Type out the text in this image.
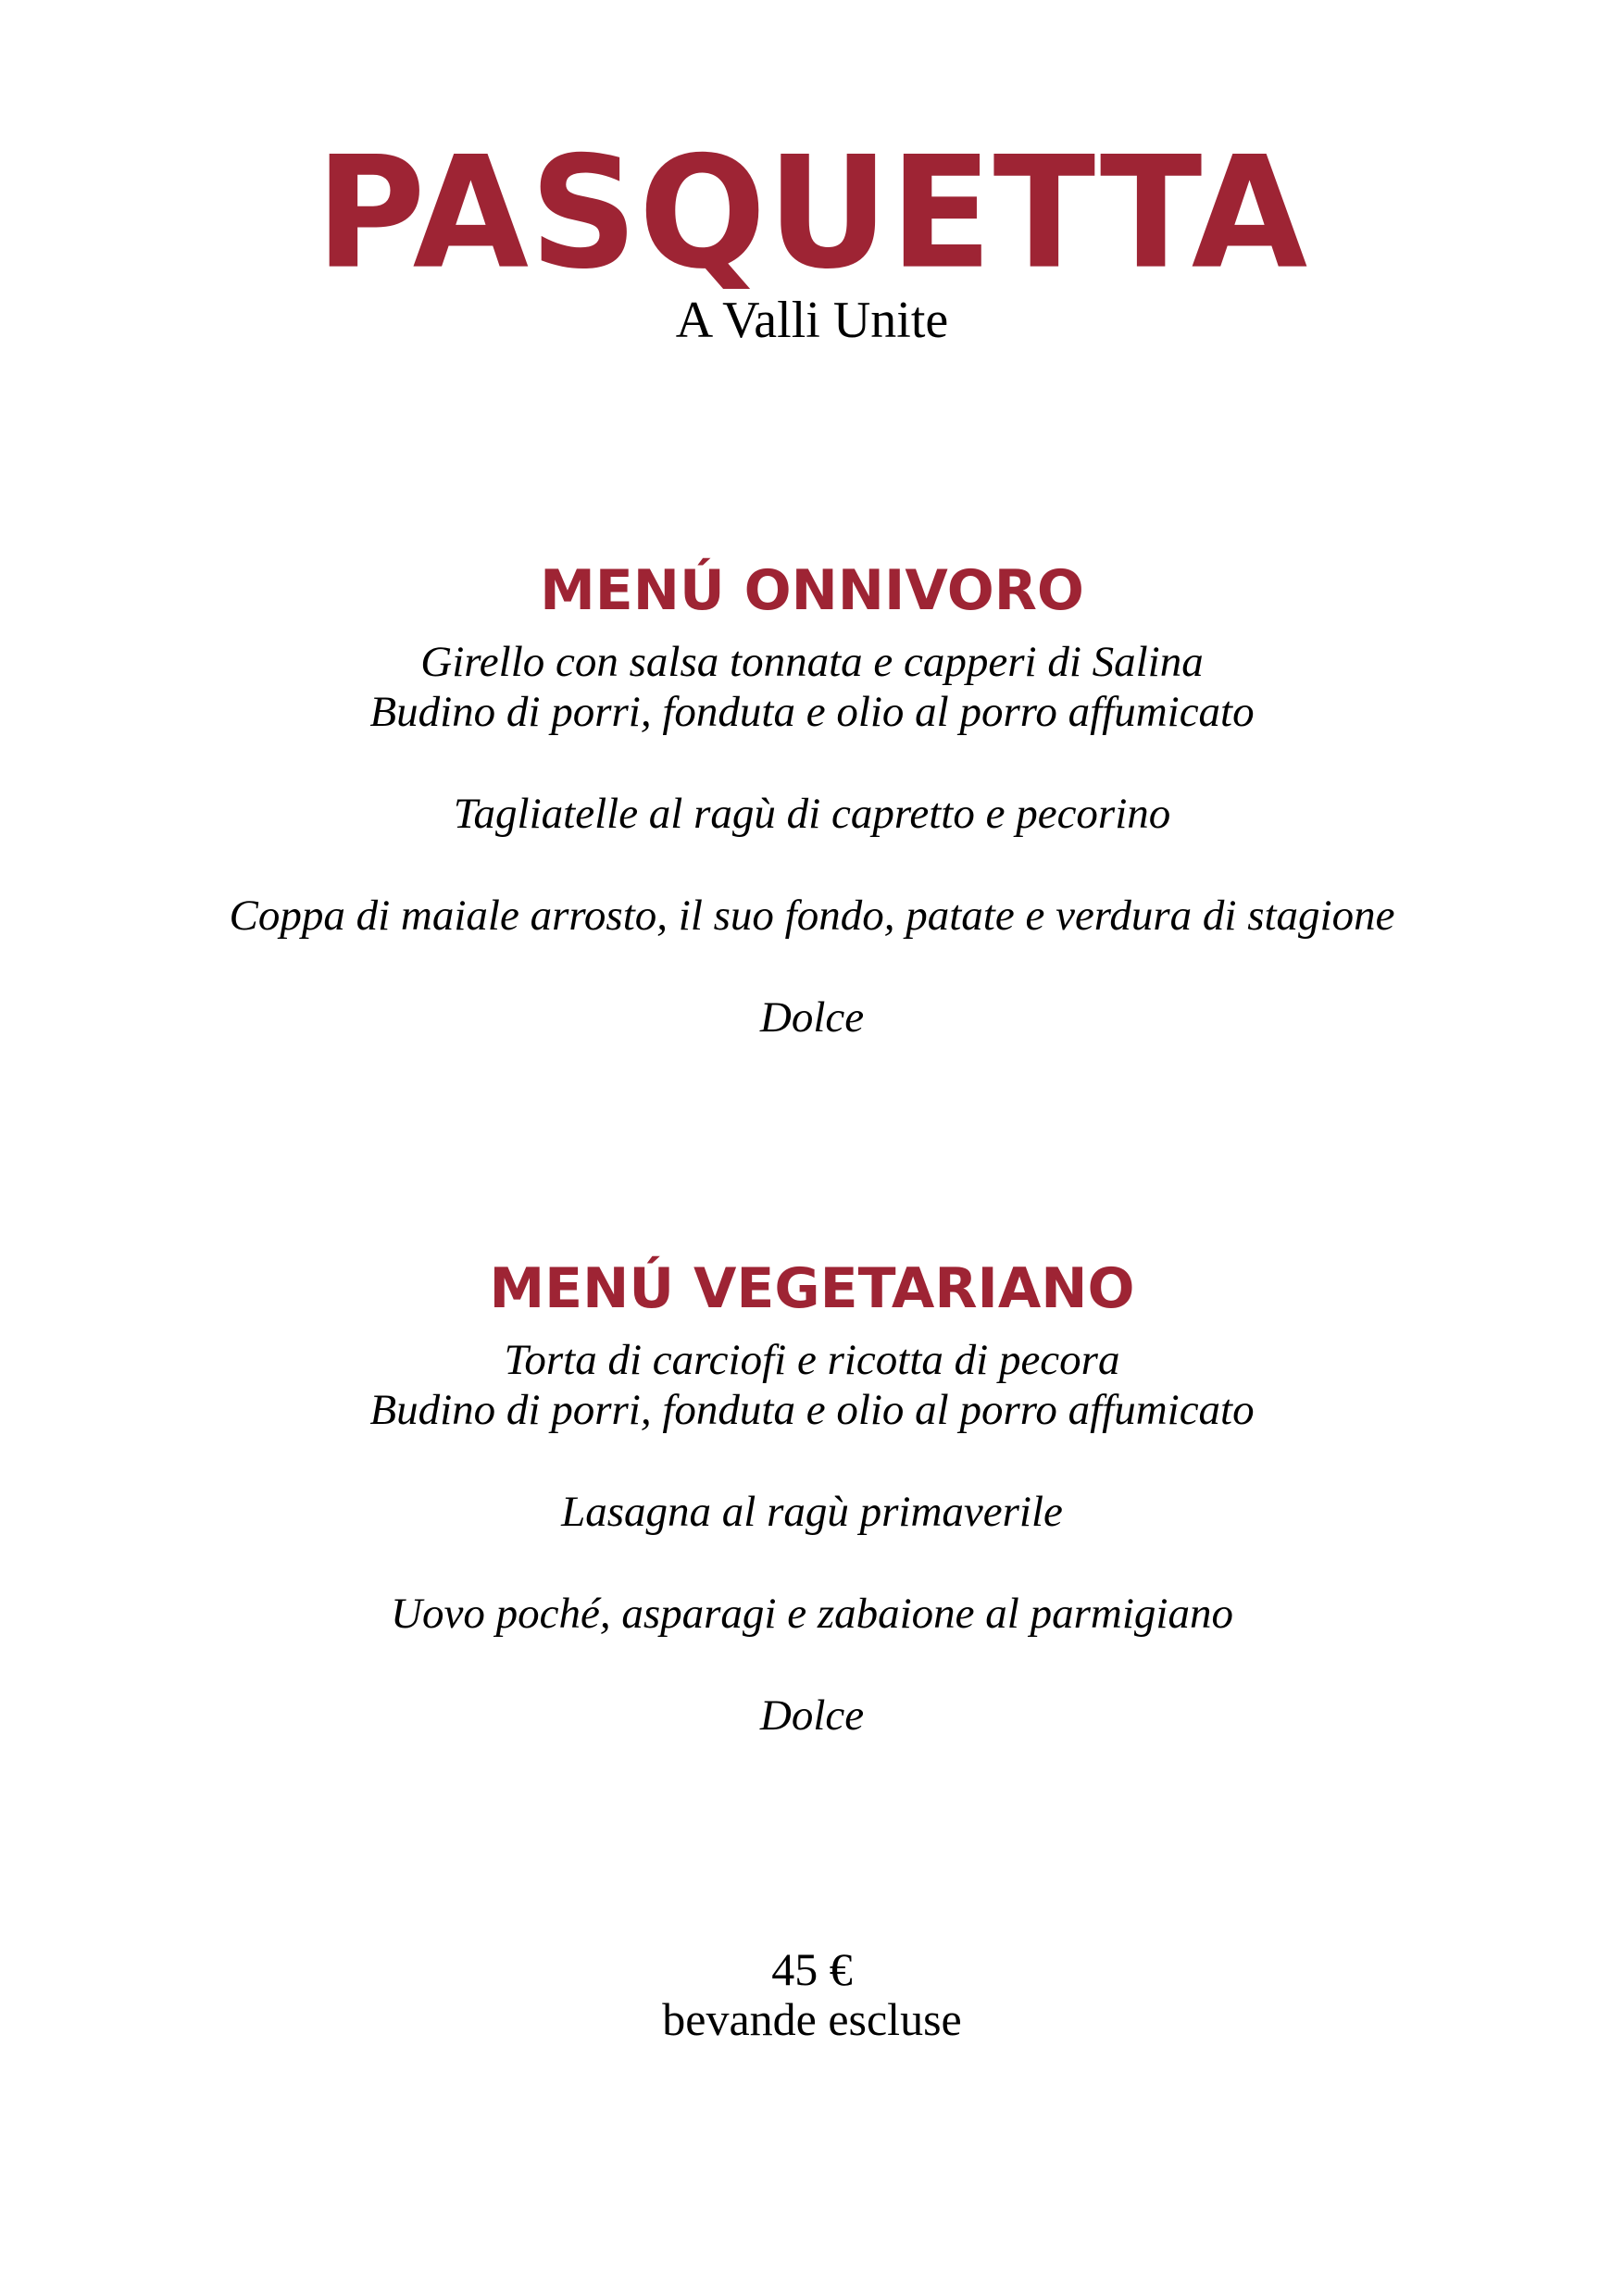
PASQUETTA
A Valli Unite
MENÚ ONNIVORO
Girello con salsa tonnata e capperi di Salina
Budino di porri, fonduta e olio al porro affumicato
Tagliatelle al ragù di capretto e pecorino
Coppa di maiale arrosto, il suo fondo, patate e verdura di stagione
Dolce
MENÚ VEGETARIANO
Torta di carciofi e ricotta di pecora
Budino di porri, fonduta e olio al porro affumicato
Lasagna al ragù primaverile
Uovo poché, asparagi e zabaione al parmigiano
Dolce
45 €
bevande escluse
